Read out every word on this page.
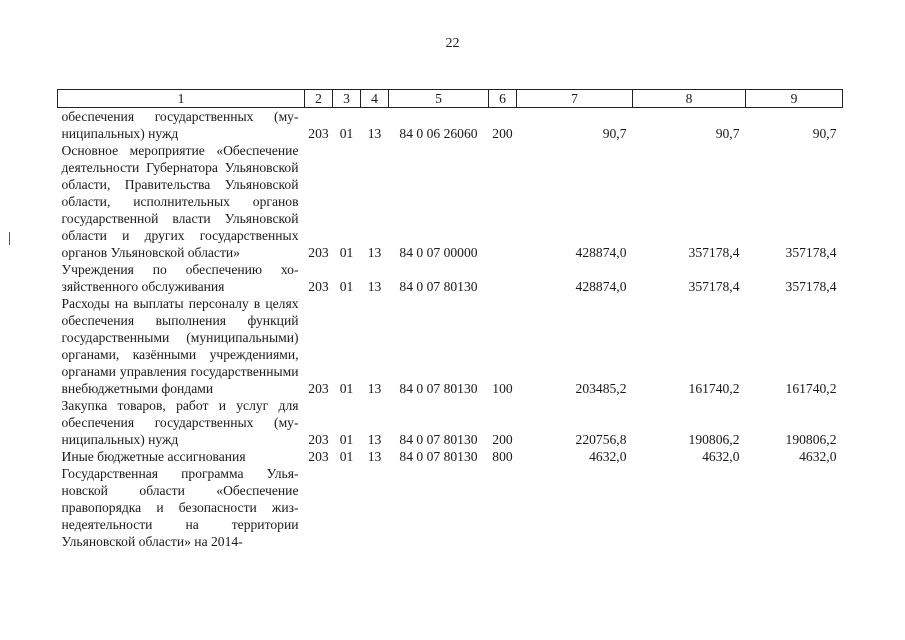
22
1	2	3	4	5	6	7	8	9
обеспечения государственных (муниципальных) нужд	203	01	13	84 0 06 26060	200	90,7	90,7	90,7
Основное мероприятие «Обеспечение деятельности Губернатора Ульяновской области, Правительства Ульяновской области, исполнительных органов государственной власти Ульяновской области и других государственных органов Ульяновской области»	203	01	13	84 0 07 00000		428874,0	357178,4	357178,4
Учреждения по обеспечению хозяйственного обслуживания	203	01	13	84 0 07 80130		428874,0	357178,4	357178,4
Расходы на выплаты персоналу в целях обеспечения выполнения функций государственными (муниципальными) органами, казёнными учреждениями, органами управления государственными внебюджетными фондами	203	01	13	84 0 07 80130	100	203485,2	161740,2	161740,2
Закупка товаров, работ и услуг для обеспечения государственных (муниципальных) нужд	203	01	13	84 0 07 80130	200	220756,8	190806,2	190806,2
Иные бюджетные ассигнования	203	01	13	84 0 07 80130	800	4632,0	4632,0	4632,0
Государственная программа Ульяновской области «Обеспечение правопорядка и безопасности жизнедеятельности на территории Ульяновской области» на 2014-								
